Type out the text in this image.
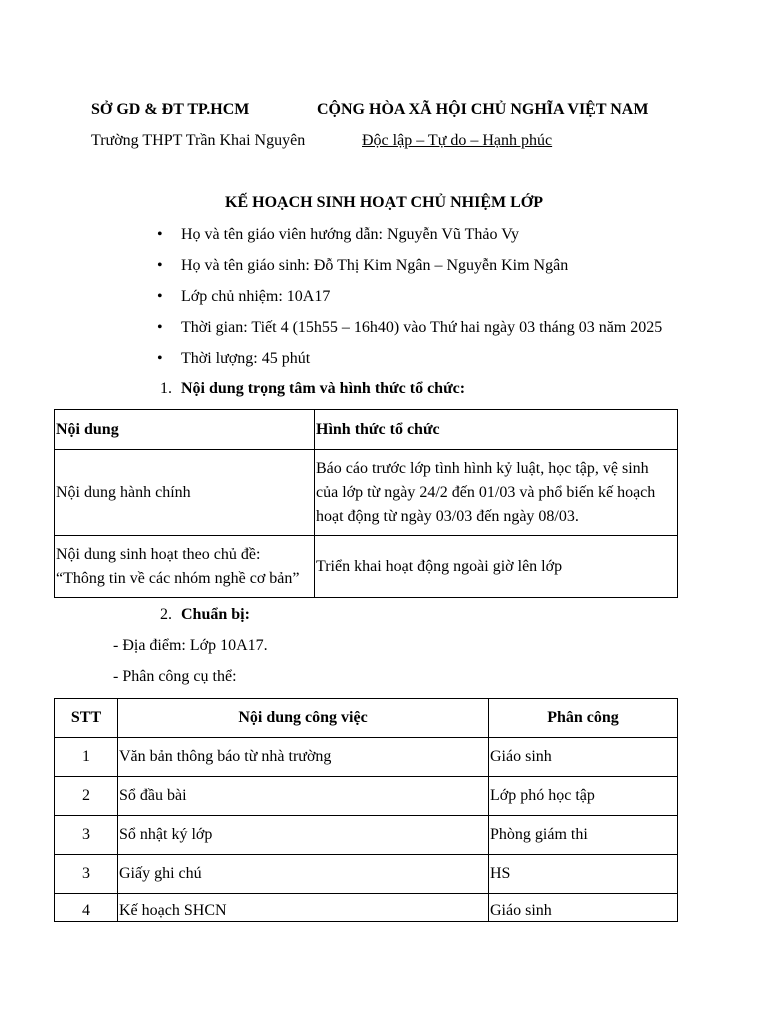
SỞ GD & ĐT TP.HCM	CỘNG HÒA XÃ HỘI CHỦ NGHĨA VIỆT NAM
Trường THPT Trần Khai Nguyên	Độc lập – Tự do – Hạnh phúc
KẾ HOẠCH SINH HOẠT CHỦ NHIỆM LỚP
• Họ và tên giáo viên hướng dẫn: Nguyễn Vũ Thảo Vy
• Họ và tên giáo sinh: Đỗ Thị Kim Ngân – Nguyễn Kim Ngân
• Lớp chủ nhiệm: 10A17
• Thời gian: Tiết 4 (15h55 – 16h40) vào Thứ hai ngày 03 tháng 03 năm 2025
• Thời lượng: 45 phút
1. Nội dung trọng tâm và hình thức tổ chức:
Nội dung	Hình thức tổ chức
Nội dung hành chính	Báo cáo trước lớp tình hình kỷ luật, học tập, vệ sinh
của lớp từ ngày 24/2 đến 01/03 và phổ biến kế hoạch
hoạt động từ ngày 03/03 đến ngày 08/03.

Nội dung sinh hoạt theo chủ đề:
“Thông tin về các nhóm nghề cơ bản”	Triển khai hoạt động ngoài giờ lên lớp
2. Chuẩn bị:
- Địa điểm: Lớp 10A17.
- Phân công cụ thể:
STT	Nội dung công việc	Phân công
1	Văn bản thông báo từ nhà trường	Giáo sinh
2	Sổ đầu bài	Lớp phó học tập
3	Sổ nhật ký lớp	Phòng giám thi
3	Giấy ghi chú	HS
4	Kế hoạch SHCN	Giáo sinh
